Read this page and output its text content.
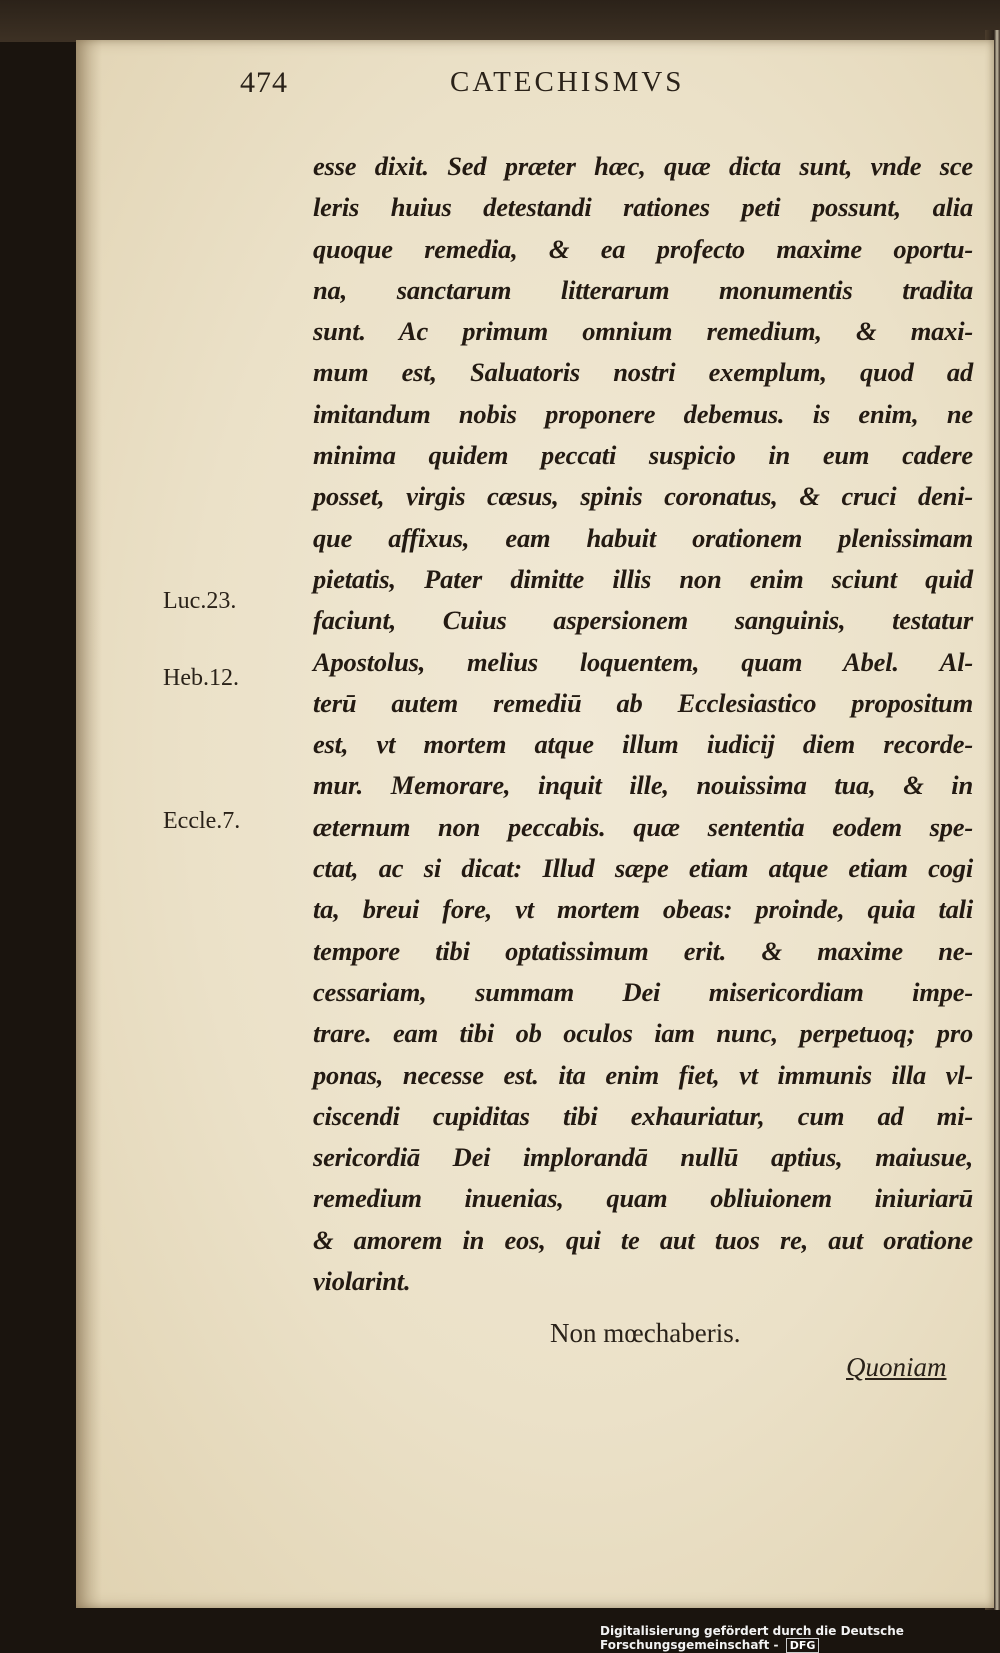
474	CATECHISMVS
esse dixit. Sed præter hæc, quæ dicta sunt, vnde sce
leris huius detestandi rationes peti possunt, alia
quoque remedia, & ea profecto maxime oportu-
na, sanctarum litterarum monumentis tradita
sunt. Ac primum omnium remedium, & maxi-
mum est, Saluatoris nostri exemplum, quod ad
imitandum nobis proponere debemus. is enim, ne
minima quidem peccati suspicio in eum cadere
posset, virgis cæsus, spinis coronatus, & cruci deni-
que affixus, eam habuit orationem plenissimam
pietatis, Pater dimitte illis non enim sciunt quid
faciunt, Cuius aspersionem sanguinis, testatur
Apostolus, melius loquentem, quam Abel. Al-
terū autem remediū ab Ecclesiastico propositum
est, vt mortem atque illum iudicij diem recorde-
mur. Memorare, inquit ille, nouissima tua, & in
æternum non peccabis. quæ sententia eodem spe-
ctat, ac si dicat: Illud sæpe etiam atque etiam cogi
ta, breui fore, vt mortem obeas: proinde, quia tali
tempore tibi optatissimum erit. & maxime ne-
cessariam, summam Dei misericordiam impe-
trare. eam tibi ob oculos iam nunc, perpetuoq; pro
ponas, necesse est. ita enim fiet, vt immunis illa vl-
ciscendi cupiditas tibi exhauriatur, cum ad mi-
sericordiā Dei implorandā nullū aptius, maiusue,
remedium inuenias, quam obliuionem iniuriarū
& amorem in eos, qui te aut tuos re, aut oratione
violarint.
Luc.23.
Heb.12.
Eccle.7.
Non mœchaberis.
Quoniam
Digitalisierung gefördert durch die Deutsche Forschungsgemeinschaft - DFG
